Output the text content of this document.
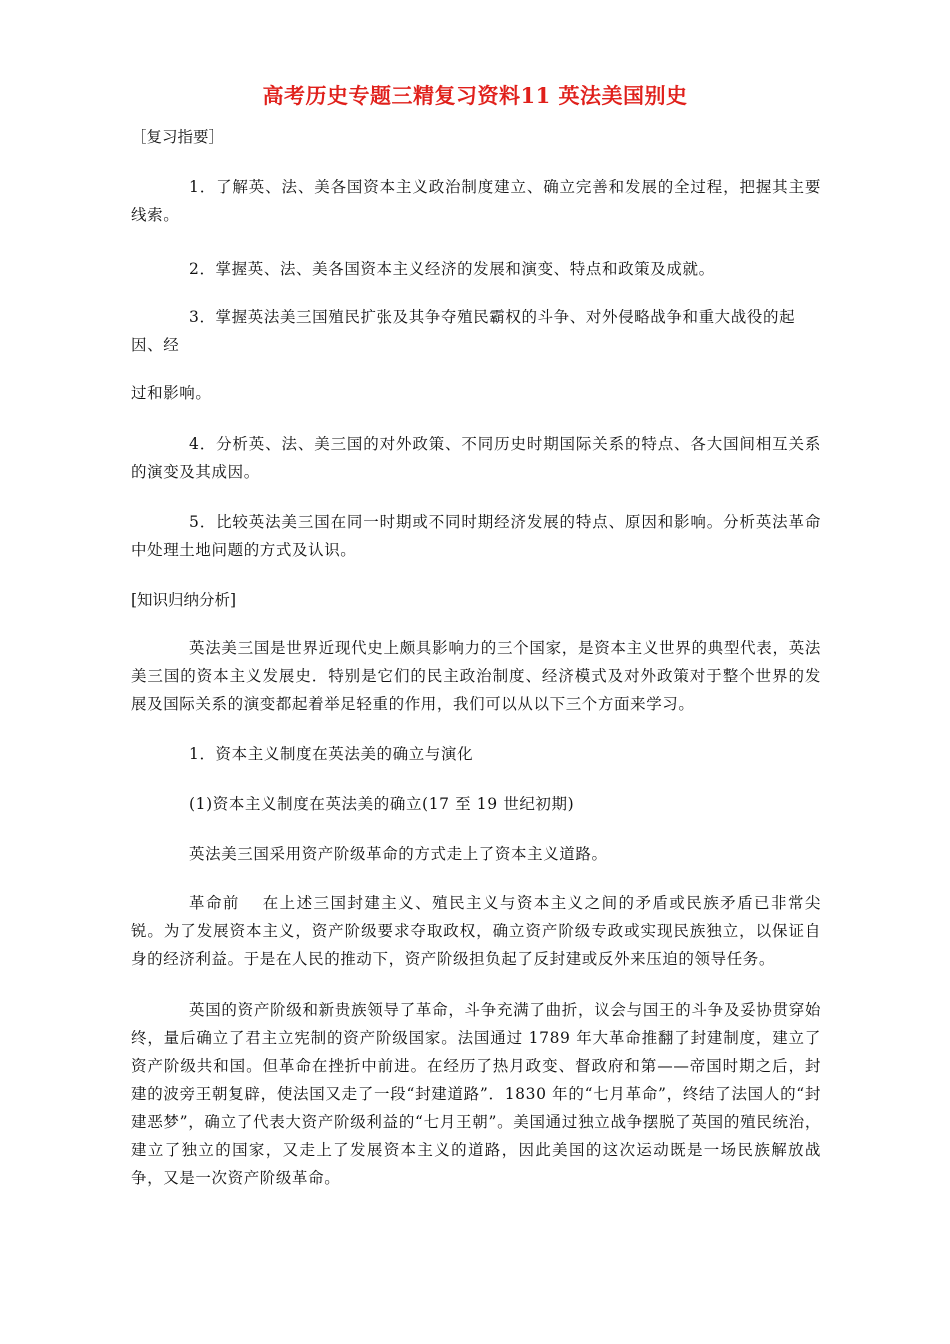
高考历史专题三精复习资料11 英法美国别史
［复习指要］
1．了解英、法、美各国资本主义政治制度建立、确立完善和发展的全过程，把握其主要线索。
2．掌握英、法、美各国资本主义经济的发展和演变、特点和政策及成就。
3．掌握英法美三国殖民扩张及其争夺殖民霸权的斗争、对外侵略战争和重大战役的起
因、经
过和影响。
4．分析英、法、美三国的对外政策、不同历史时期国际关系的特点、各大国间相互关系的演变及其成因。
5．比较英法美三国在同一时期或不同时期经济发展的特点、原因和影响。分析英法革命中处理土地问题的方式及认识。
[知识归纳分析]
英法美三国是世界近现代史上颇具影响力的三个国家，是资本主义世界的典型代表，英法美三国的资本主义发展史．特别是它们的民主政治制度、经济模式及对外政策对于整个世界的发展及国际关系的演变都起着举足轻重的作用，我们可以从以下三个方面来学习。
1．资本主义制度在英法美的确立与演化
(1)资本主义制度在英法美的确立(17 至 19 世纪初期)
英法美三国采用资产阶级革命的方式走上了资本主义道路。
革命前 在上述三国封建主义、殖民主义与资本主义之间的矛盾或民族矛盾已非常尖锐。为了发展资本主义，资产阶级要求夺取政权，确立资产阶级专政或实现民族独立，以保证自身的经济利益。于是在人民的推动下，资产阶级担负起了反封建或反外来压迫的领导任务。
英国的资产阶级和新贵族领导了革命，斗争充满了曲折，议会与国王的斗争及妥协贯穿始终，量后确立了君主立宪制的资产阶级国家。法国通过 1789 年大革命推翻了封建制度，建立了资产阶级共和国。但革命在挫折中前进。在经历了热月政变、督政府和第——帝国时期之后，封建的波旁王朝复辟，使法国又走了一段“封建道路”．1830 年的“七月革命”，终结了法国人的“封建恶梦”，确立了代表大资产阶级利益的“七月王朝”。美国通过独立战争摆脱了英国的殖民统治，建立了独立的国家，又走上了发展资本主义的道路，因此美国的这次运动既是一场民族解放战争，又是一次资产阶级革命。
